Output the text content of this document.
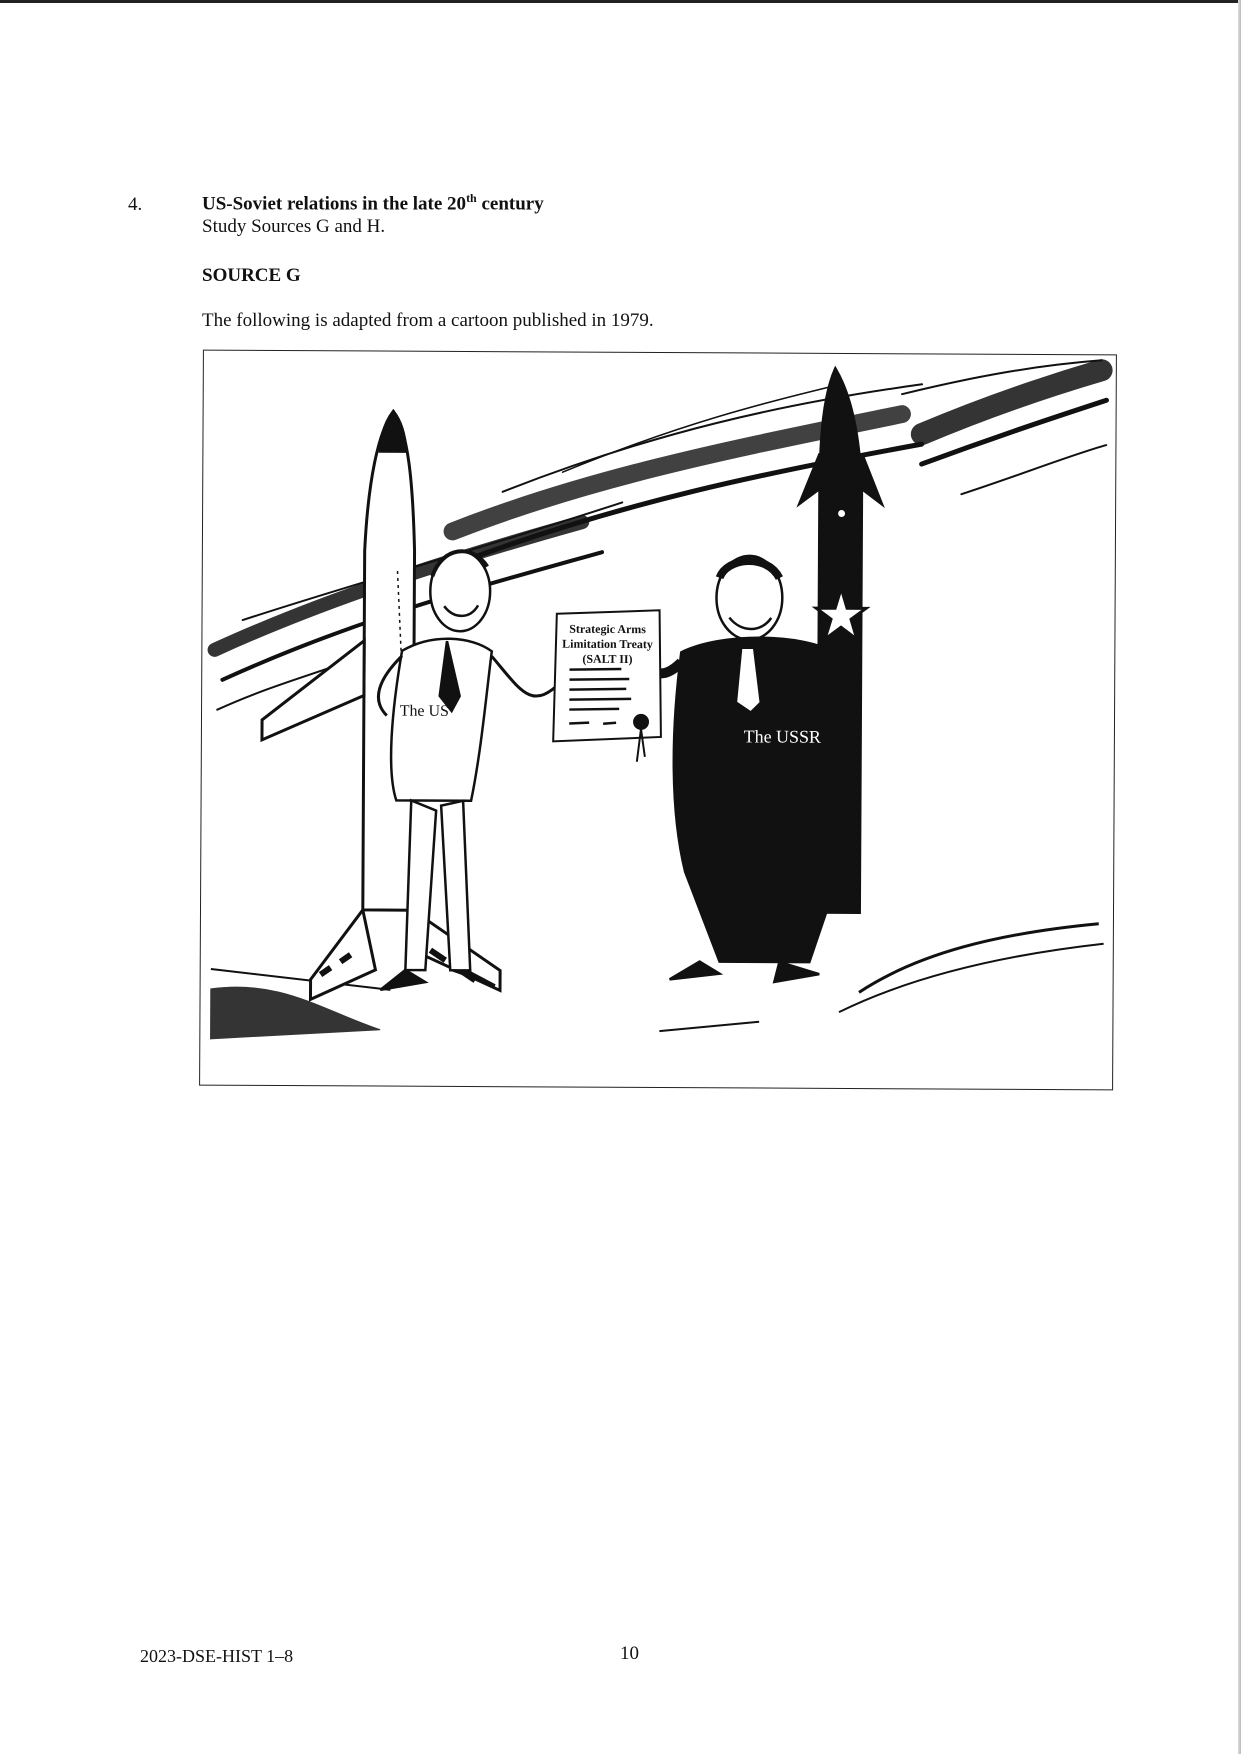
4.	US-Soviet relations in the late 20th century
Study Sources G and H.
SOURCE G
The following is adapted from a cartoon published in 1979.
The US
The USSR
Strategic Arms
Limitation Treaty
(SALT II)
2023-DSE-HIST 1–8	10
